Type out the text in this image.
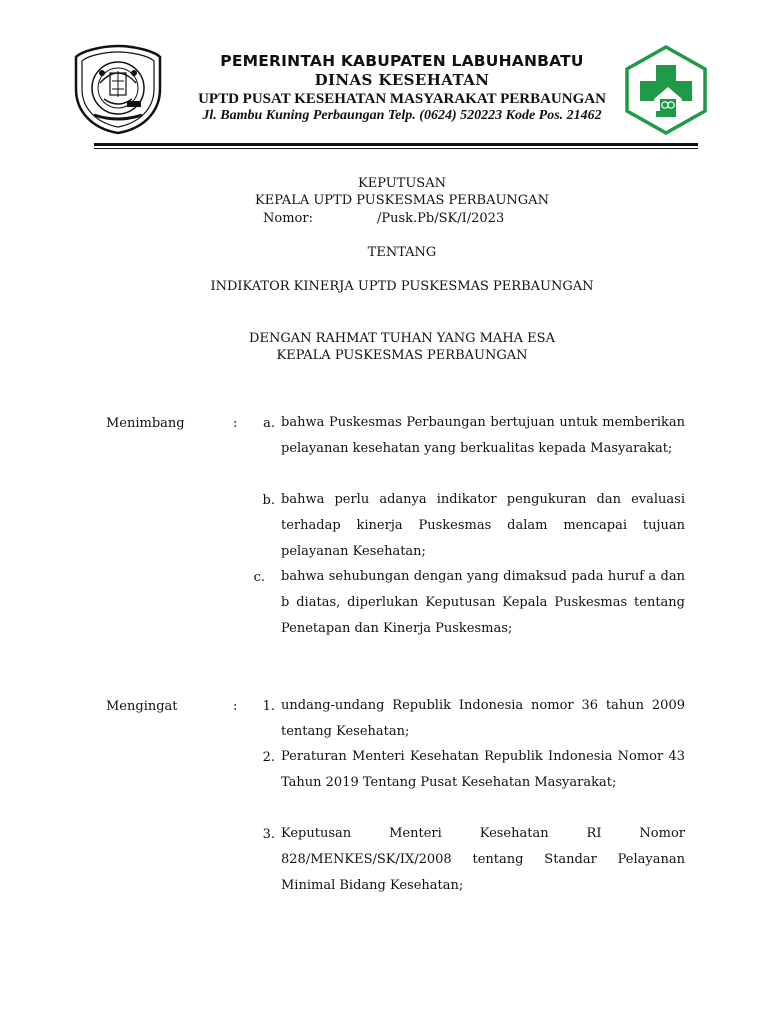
PEMERINTAH KABUPATEN LABUHANBATU
DINAS KESEHATAN
UPTD PUSAT KESEHATAN MASYARAKAT PERBAUNGAN
Jl. Bambu Kuning Perbaungan Telp. (0624) 520223 Kode Pos. 21462
KEPUTUSAN
KEPALA UPTD PUSKESMAS PERBAUNGAN
Nomor:	/Pusk.Pb/SK/I/2023
TENTANG
INDIKATOR KINERJA UPTD PUSKESMAS PERBAUNGAN
DENGAN RAHMAT TUHAN YANG MAHA ESA
KEPALA PUSKESMAS PERBAUNGAN
Menimbang	:	a. bahwa Puskesmas Perbaungan bertujuan untuk memberikan pelayanan kesehatan yang berkualitas kepada Masyarakat;
b. bahwa perlu adanya indikator pengukuran dan evaluasi terhadap kinerja Puskesmas dalam mencapai tujuan pelayanan Kesehatan;
c. bahwa sehubungan dengan yang dimaksud pada huruf a dan b diatas, diperlukan Keputusan Kepala Puskesmas tentang Penetapan dan Kinerja Puskesmas;
Mengingat	:	1. undang-undang Republik Indonesia nomor 36 tahun 2009 tentang Kesehatan;
2. Peraturan Menteri Kesehatan Republik Indonesia Nomor 43 Tahun 2019 Tentang Pusat Kesehatan Masyarakat;
3. Keputusan Menteri Kesehatan RI Nomor 828/MENKES/SK/IX/2008 tentang Standar Pelayanan Minimal Bidang Kesehatan;
